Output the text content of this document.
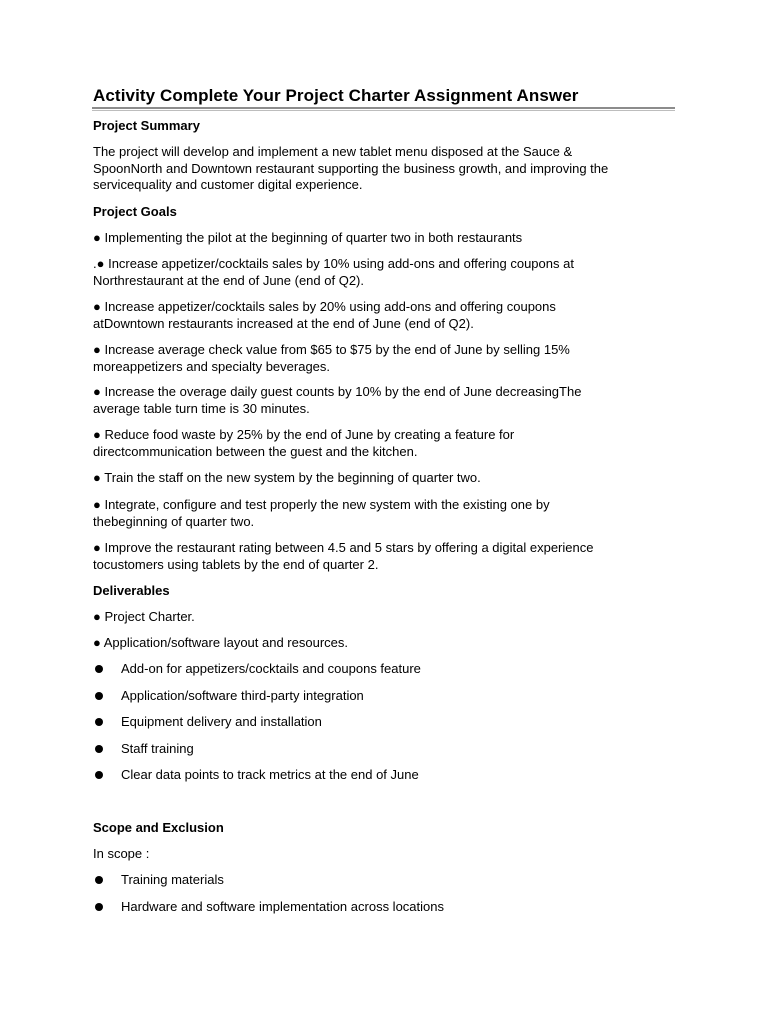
Activity Complete Your Project Charter Assignment Answer
Project Summary
The project will develop and implement a new tablet menu disposed at the Sauce &
SpoonNorth and Downtown restaurant supporting the business growth, and improving the
servicequality and customer digital experience.
Project Goals
● Implementing the pilot at the beginning of quarter two in both restaurants
.● Increase appetizer/cocktails sales by 10% using add-ons and offering coupons at
Northrestaurant at the end of June (end of Q2).
● Increase appetizer/cocktails sales by 20% using add-ons and offering coupons
atDowntown restaurants increased at the end of June (end of Q2).
● Increase average check value from $65 to $75 by the end of June by selling 15%
moreappetizers and specialty beverages.
● Increase the overage daily guest counts by 10% by the end of June decreasingThe
average table turn time is 30 minutes.
● Reduce food waste by 25% by the end of June by creating a feature for
directcommunication between the guest and the kitchen.
● Train the staff on the new system by the beginning of quarter two.
● Integrate, configure and test properly the new system with the existing one by
thebeginning of quarter two.
● Improve the restaurant rating between 4.5 and 5 stars by offering a digital experience
tocustomers using tablets by the end of quarter 2.
Deliverables
● Project Charter.
● Application/software layout and resources.
Add-on for appetizers/cocktails and coupons feature
Application/software third-party integration
Equipment delivery and installation
Staff training
Clear data points to track metrics at the end of June
Scope and Exclusion
In scope :
Training materials
Hardware and software implementation across locations
